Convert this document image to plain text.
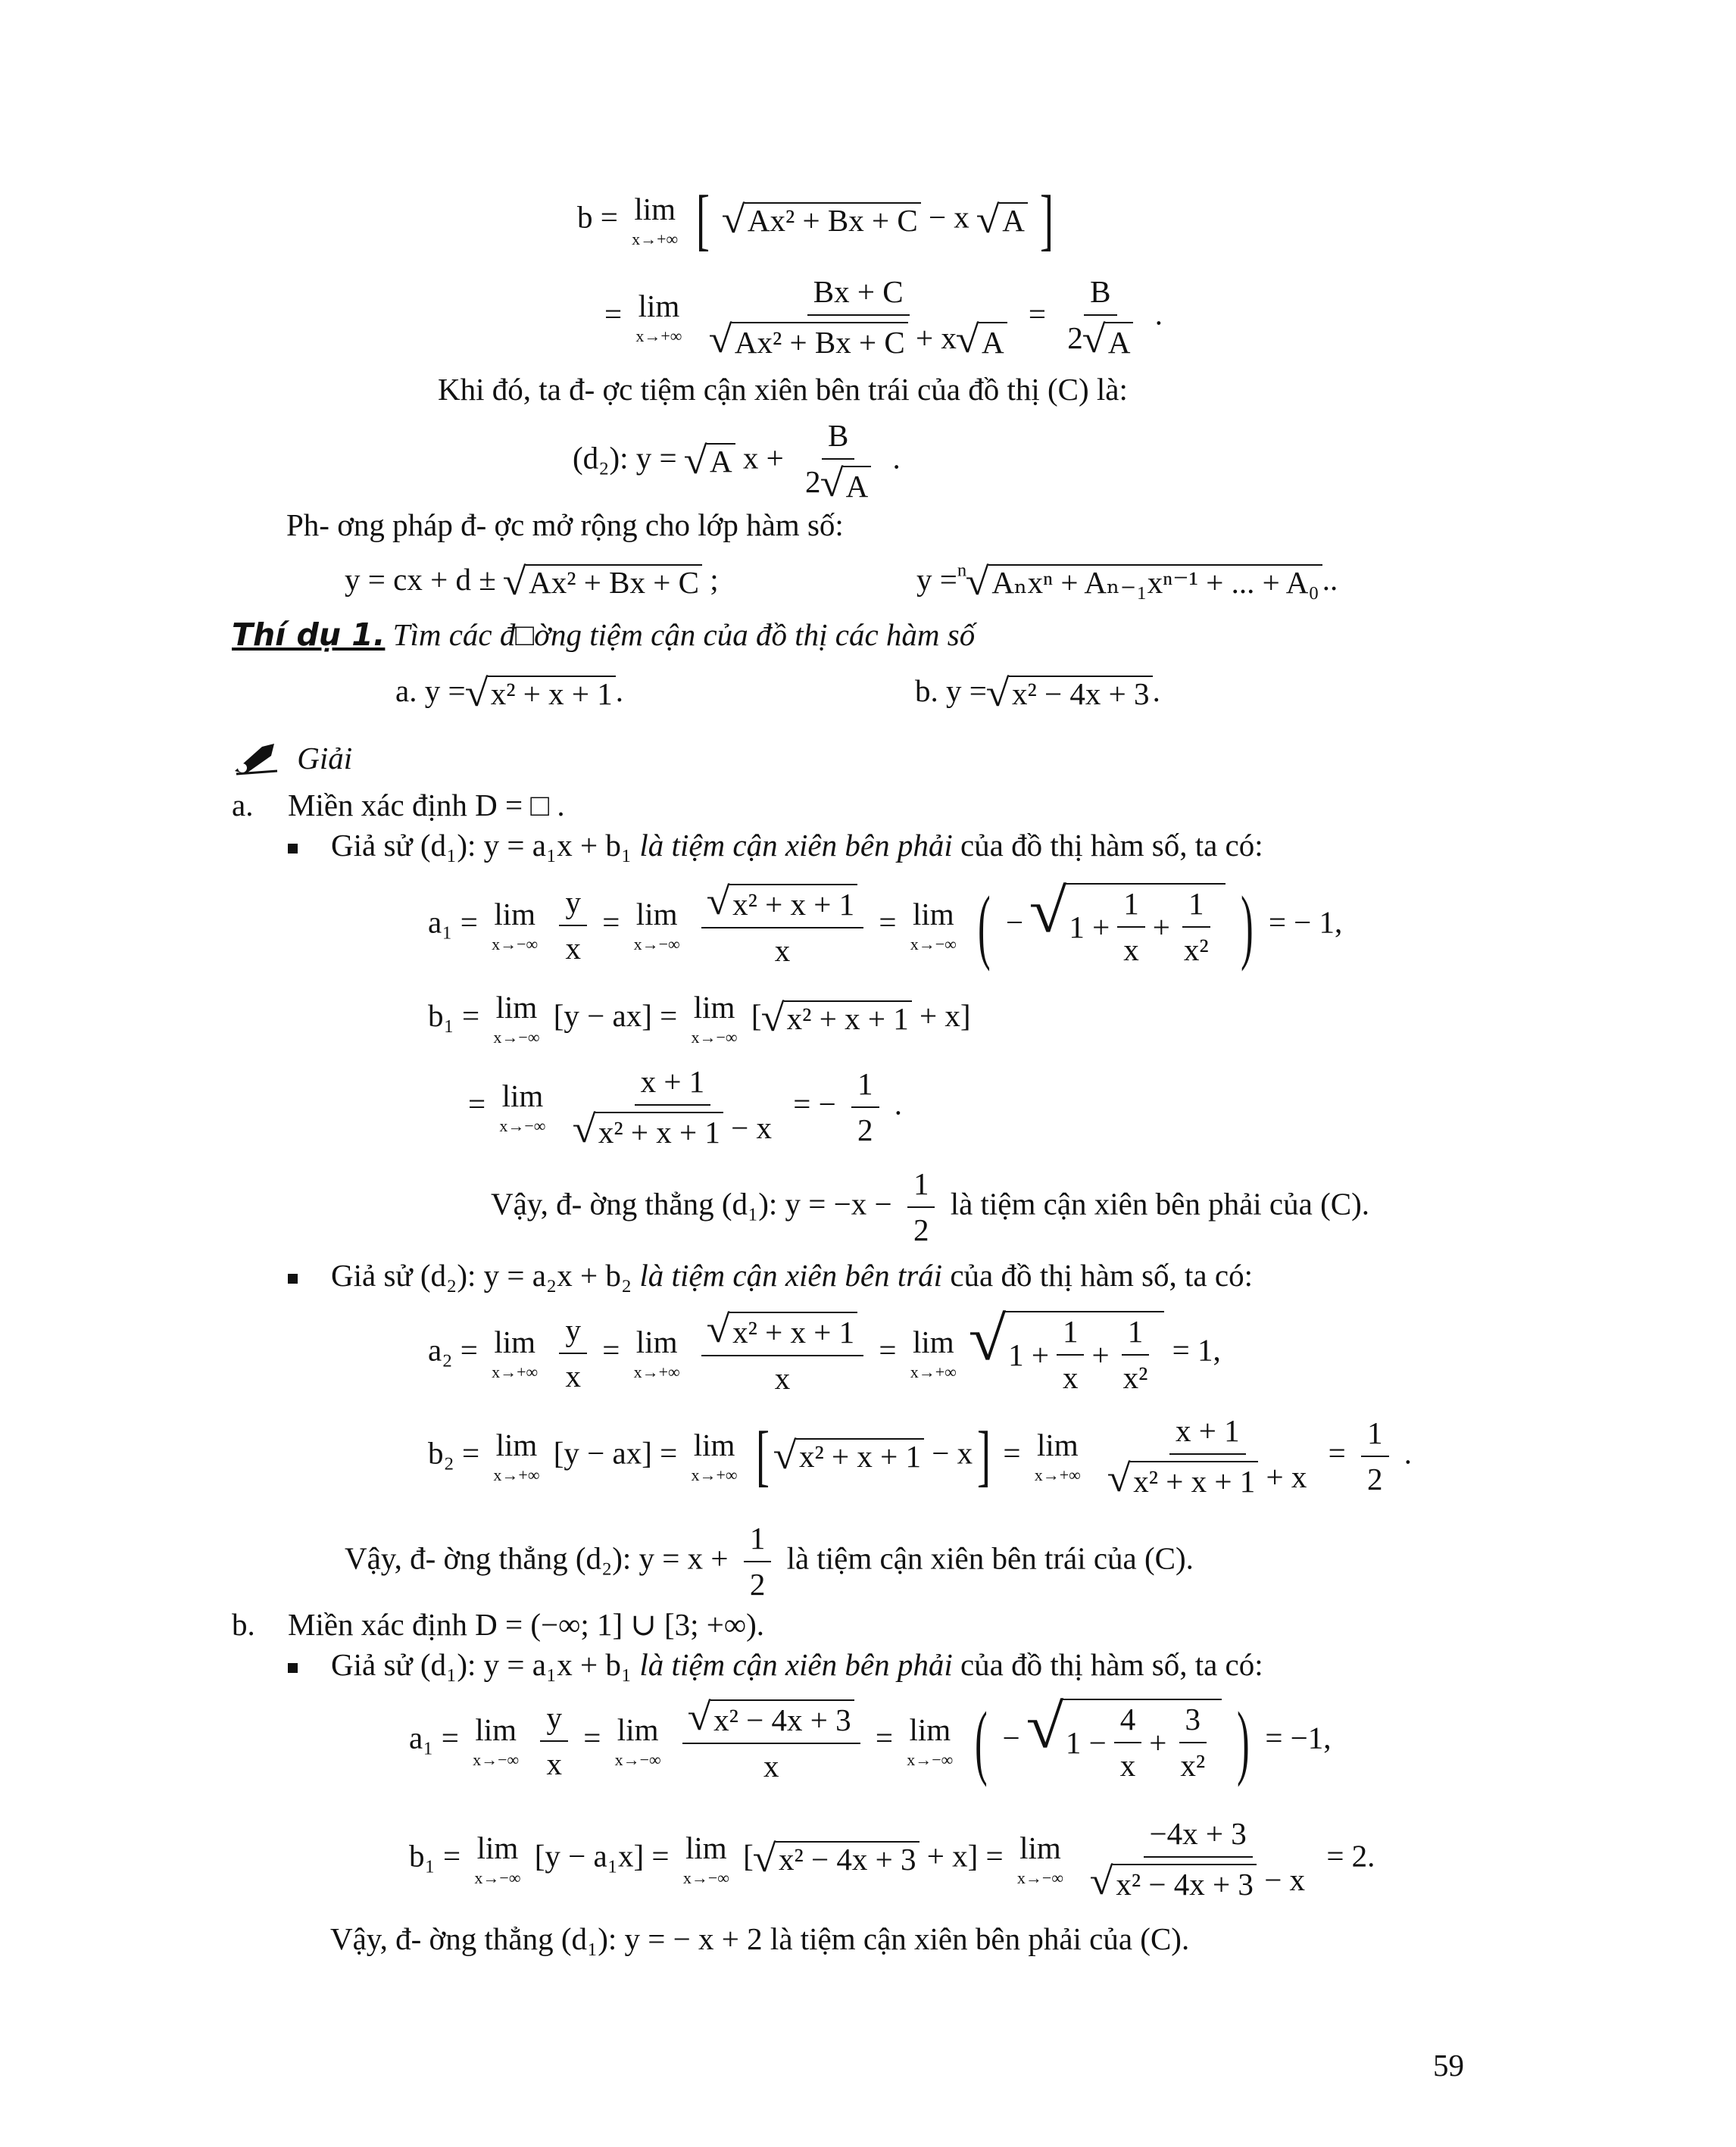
b = lim
x→+∞ [ √ Ax² + Bx + C − x √ A ]
= lim
x→+∞
Bx + C
√ Ax² + Bx + C + x
√ A = B
2
√ A .
Khi đó, ta đ- ợc tiệm cận xiên bên trái của đồ thị (C) là:
(d₂): y = √ A x + B
2
√ A .
Ph- ơng pháp đ- ợc mở rộng cho lớp hàm số:
y = cx + d ± √ Ax² + Bx + C ;	y =$^n$
√ Aₙxⁿ + Aₙ₋₁xⁿ⁻¹ + ... + A₀ ..
Thí dụ 1. Tìm các đ□ờng tiệm cận của đồ thị các hàm số
a. y =
√ x² + x + 1 .	b. y =
√ x² − 4x + 3 .
Giải
a. Miền xác định D = □ .
Giả sử (d₁): y = a₁x + b₁ là tiệm cận xiên bên phải của đồ thị hàm số, ta có:
a₁ = lim
x→−∞
$\frac{y}{x} = \lim$
x→−∞
$\frac{\text{√ x² + x + 1}}{x} = \lim$
x→−∞ ( − √ $1 + \frac{1}{x} + \frac{1}{\text{x²}}$ ) = − 1,
b₁ = lim
x→−∞
[y − ax] = lim
x→−∞
[
√ x² + x + 1 + x]
= lim
x→−∞
$\frac{x + 1}{\text{√ x² + x + 1 − x}}$ = − $\frac{1}{2}$ .
Vậy, đ- ờng thẳng (d₁): $y = -x - \frac{1}{2}$ là tiệm cận xiên bên phải của (C).
Giả sử (d₂): y = a₂x + b₂ là tiệm cận xiên bên trái của đồ thị hàm số, ta có:
a₂ = lim
x→+∞
$\frac{y}{x} = \lim$
x→+∞
$\frac{\text{√ x² + x + 1}}{x} = \lim$
x→+∞
√ $1 + \frac{1}{x} + \frac{1}{\text{x²}} = 1$,
b₂ = lim
x→+∞
[y − ax] = lim
x→+∞ [ √ x² + x + 1 − x] = lim
x→+∞
$\frac{x + 1}{\text{√ x² + x + 1 + x}} = \frac{1}{2}$ .
Vậy, đ- ờng thẳng (d₂): $y = x + \frac{1}{2}$ là tiệm cận xiên bên trái của (C).
b. Miền xác định D = (−∞; 1] ∪ [3; +∞).
Giả sử (d₁): y = a₁x + b₁ là tiệm cận xiên bên phải của đồ thị hàm số, ta có:
a₁ = lim
x→−∞
$\frac{y}{x} = \lim$
x→−∞
$\frac{\text{√ x² − 4x + 3}}{x} = \lim$
x→−∞ ( − √ $1 - \frac{4}{x} + \frac{3}{\text{x²}}$ ) = −1,
b₁ = lim
x→−∞
[y − a₁x] = lim
x→−∞
[
√ x² − 4x + 3 + x] = lim
x→−∞
$\frac{-4x + 3}{\text{√ x² − 4x + 3 − x}} = 2$.
Vậy, đ- ờng thẳng (d₁): y = − x + 2 là tiệm cận xiên bên phải của (C).
59
